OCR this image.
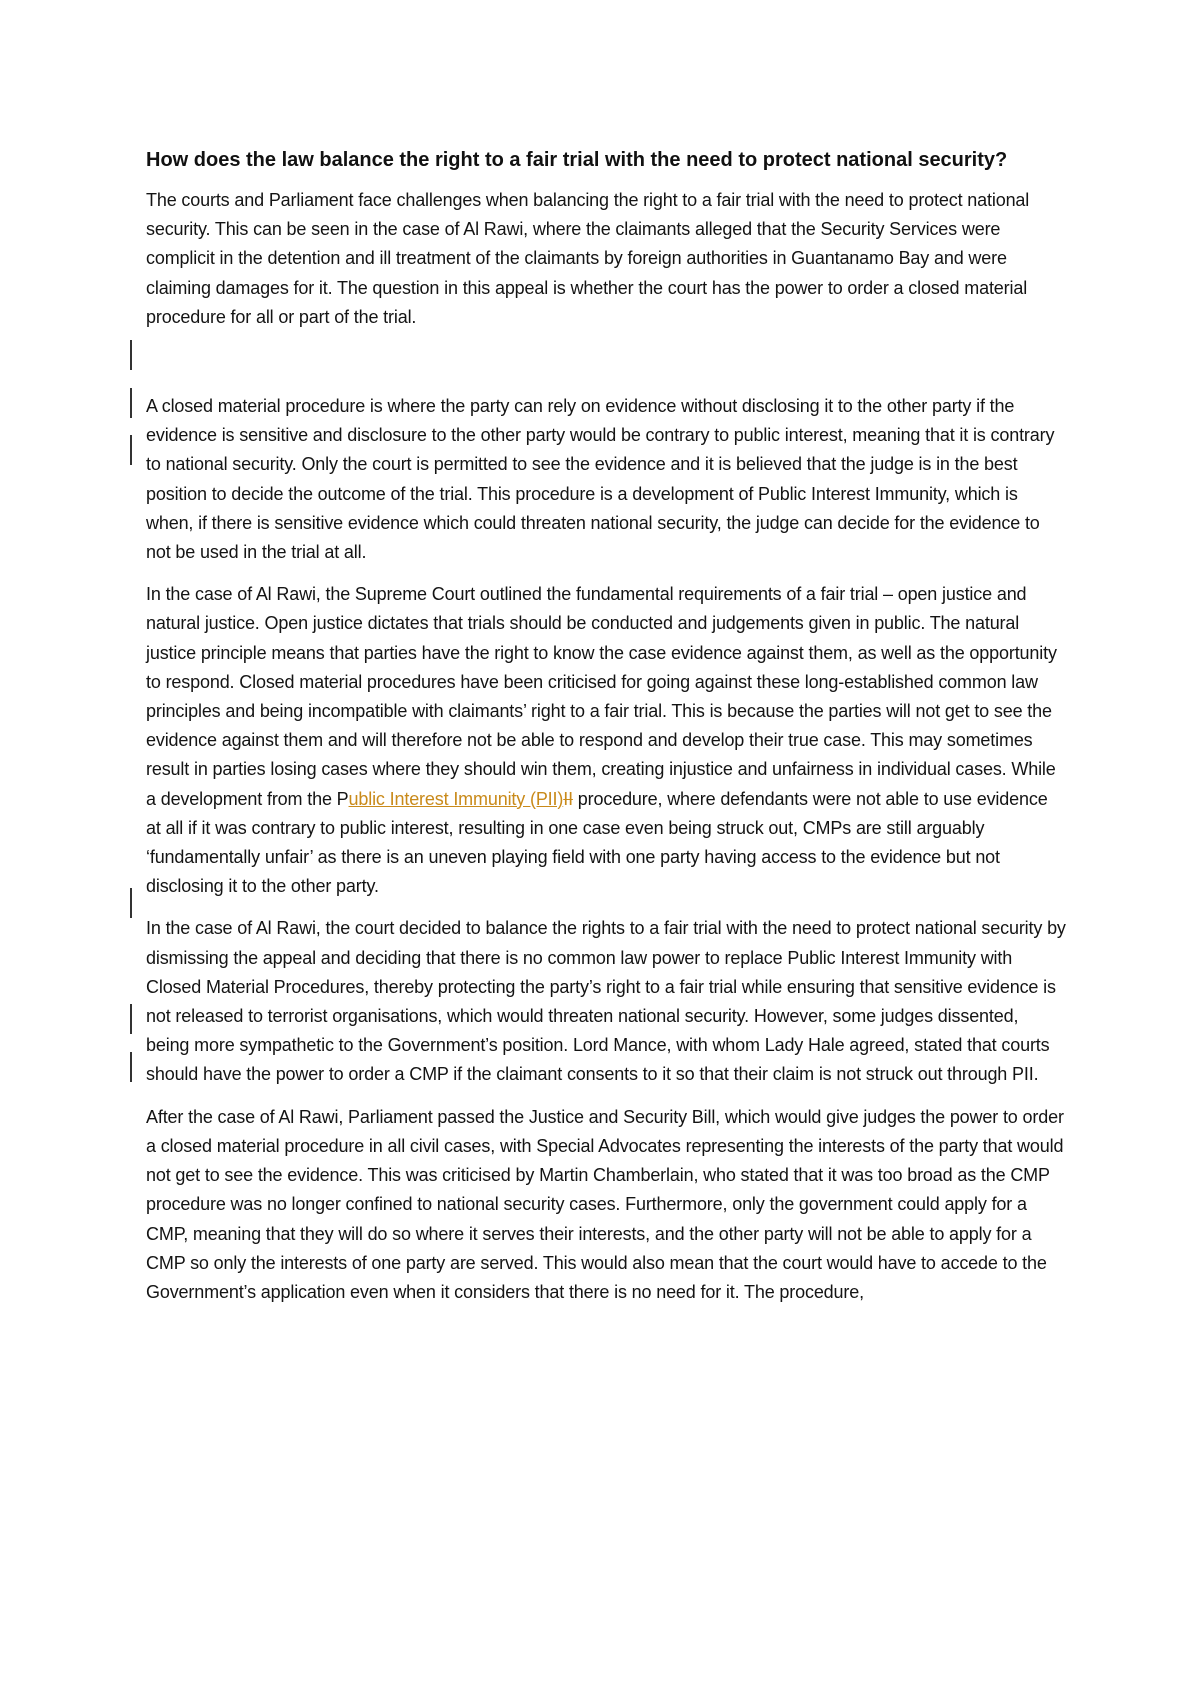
How does the law balance the right to a fair trial with the need to protect national security?

The courts and Parliament face challenges when balancing the right to a fair trial with the need to protect national security. This can be seen in the case of Al Rawi, where the claimants alleged that the Security Services were complicit in the detention and ill treatment of the claimants by foreign authorities in Guantanamo Bay and were claiming damages for it. The question in this appeal is whether the court has the power to order a closed material procedure for all or part of the trial.

A closed material procedure is where the party can rely on evidence without disclosing it to the other party if the evidence is sensitive and disclosure to the other party would be contrary to public interest, meaning that it is contrary to national security. Only the court is permitted to see the evidence and it is believed that the judge is in the best position to decide the outcome of the trial. This procedure is a development of Public Interest Immunity, which is when, if there is sensitive evidence which could threaten national security, the judge can decide for the evidence to not be used in the trial at all.

In the case of Al Rawi, the Supreme Court outlined the fundamental requirements of a fair trial – open justice and natural justice. Open justice dictates that trials should be conducted and judgements given in public. The natural justice principle means that parties have the right to know the case evidence against them, as well as the opportunity to respond. Closed material procedures have been criticised for going against these long-established common law principles and being incompatible with claimants’ right to a fair trial. This is because the parties will not get to see the evidence against them and will therefore not be able to respond and develop their true case. This may sometimes result in parties losing cases where they should win them, creating injustice and unfairness in individual cases. While a development from the Public Interest Immunity (PII)II procedure, where defendants were not able to use evidence at all if it was contrary to public interest, resulting in one case even being struck out, CMPs are still arguably ‘fundamentally unfair’ as there is an uneven playing field with one party having access to the evidence but not disclosing it to the other party.

In the case of Al Rawi, the court decided to balance the rights to a fair trial with the need to protect national security by dismissing the appeal and deciding that there is no common law power to replace Public Interest Immunity with Closed Material Procedures, thereby protecting the party’s right to a fair trial while ensuring that sensitive evidence is not released to terrorist organisations, which would threaten national security. However, some judges dissented, being more sympathetic to the Government’s position. Lord Mance, with whom Lady Hale agreed, stated that courts should have the power to order a CMP if the claimant consents to it so that their claim is not struck out through PII.

After the case of Al Rawi, Parliament passed the Justice and Security Bill, which would give judges the power to order a closed material procedure in all civil cases, with Special Advocates representing the interests of the party that would not get to see the evidence. This was criticised by Martin Chamberlain, who stated that it was too broad as the CMP procedure was no longer confined to national security cases. Furthermore, only the government could apply for a CMP, meaning that they will do so where it serves their interests, and the other party will not be able to apply for a CMP so only the interests of one party are served. This would also mean that the court would have to accede to the Government’s application even when it considers that there is no need for it. The procedure,
